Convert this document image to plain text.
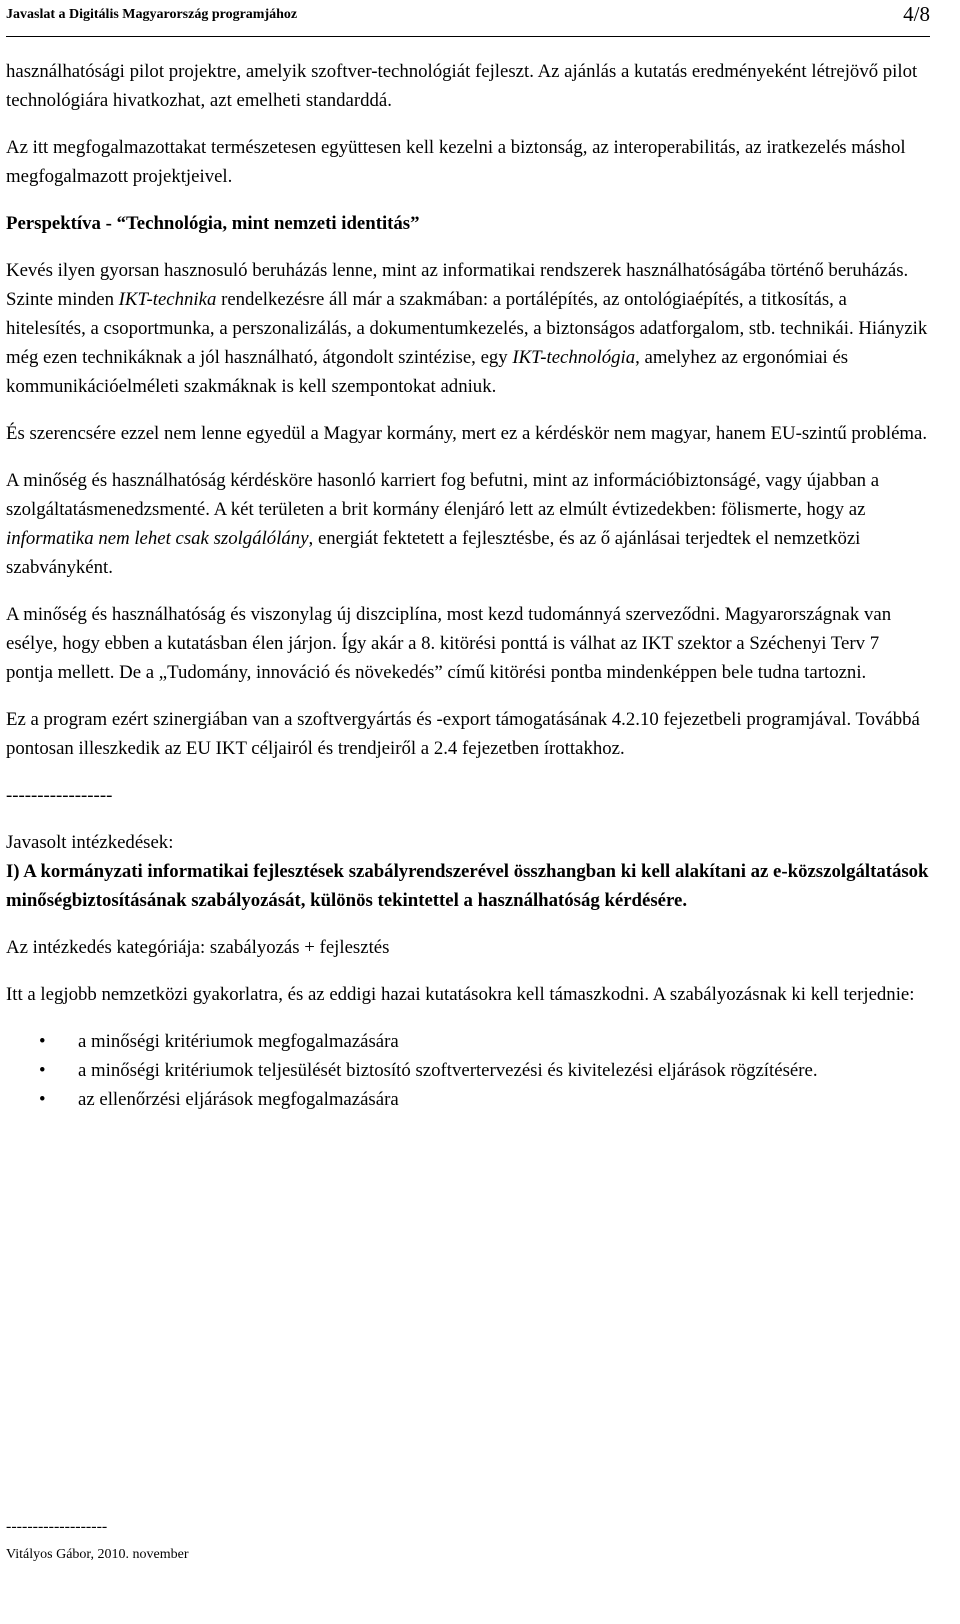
Javaslat a Digitális Magyarország programjához	4/8

használhatósági pilot projektre, amelyik szoftver-technológiát fejleszt. Az ajánlás a kutatás eredményeként létrejövő pilot technológiára hivatkozhat, azt emelheti standarddá.

Az itt megfogalmazottakat természetesen együttesen kell kezelni a biztonság, az interoperabilitás, az iratkezelés máshol megfogalmazott projektjeivel.

Perspektíva - “Technológia, mint nemzeti identitás”

Kevés ilyen gyorsan hasznosuló beruházás lenne, mint az informatikai rendszerek használhatóságába történő beruházás. Szinte minden IKT-technika rendelkezésre áll már a szakmában: a portálépítés, az ontológiaépítés, a titkosítás, a hitelesítés, a csoportmunka, a perszonalizálás, a dokumentumkezelés, a biztonságos adatforgalom, stb. technikái. Hiányzik még ezen technikáknak a jól használható, átgondolt szintézise, egy IKT-technológia, amelyhez az ergonómiai és kommunikációelméleti szakmáknak is kell szempontokat adniuk.

És szerencsére ezzel nem lenne egyedül a Magyar kormány, mert ez a kérdéskör nem magyar, hanem EU-szintű probléma.

A minőség és használhatóság kérdésköre hasonló karriert fog befutni, mint az információbiztonságé, vagy újabban a szolgáltatásmenedzsmenté. A két területen a brit kormány élenjáró lett az elmúlt évtizedekben: fölismerte, hogy az informatika nem lehet csak szolgálólány, energiát fektetett a fejlesztésbe, és az ő ajánlásai terjedtek el nemzetközi szabványként.

A minőség és használhatóság és viszonylag új diszciplína, most kezd tudománnyá szerveződni. Magyarországnak van esélye, hogy ebben a kutatásban élen járjon. Így akár a 8. kitörési ponttá is válhat az IKT szektor a Széchenyi Terv 7 pontja mellett. De a „Tudomány, innováció és növekedés” című kitörési pontba mindenképpen bele tudna tartozni.

Ez a program ezért szinergiában van a szoftvergyártás és -export támogatásának 4.2.10 fejezetbeli programjával. Továbbá pontosan illeszkedik az EU IKT céljairól és trendjeiről a 2.4 fejezetben írottakhoz.

-----------------

Javasolt intézkedések:

I) A kormányzati informatikai fejlesztések szabályrendszerével összhangban ki kell alakítani az e-közszolgáltatások minőségbiztosításának szabályozását, különös tekintettel a használhatóság kérdésére.

Az intézkedés kategóriája: szabályozás + fejlesztés

Itt a legjobb nemzetközi gyakorlatra, és az eddigi hazai kutatásokra kell támaszkodni. A szabályozásnak ki kell terjednie:

• a minőségi kritériumok megfogalmazására
• a minőségi kritériumok teljesülését biztosító szoftvertervezési és kivitelezési eljárások rögzítésére.
• az ellenőrzési eljárások megfogalmazására
-------------------
Vitályos Gábor, 2010. november
